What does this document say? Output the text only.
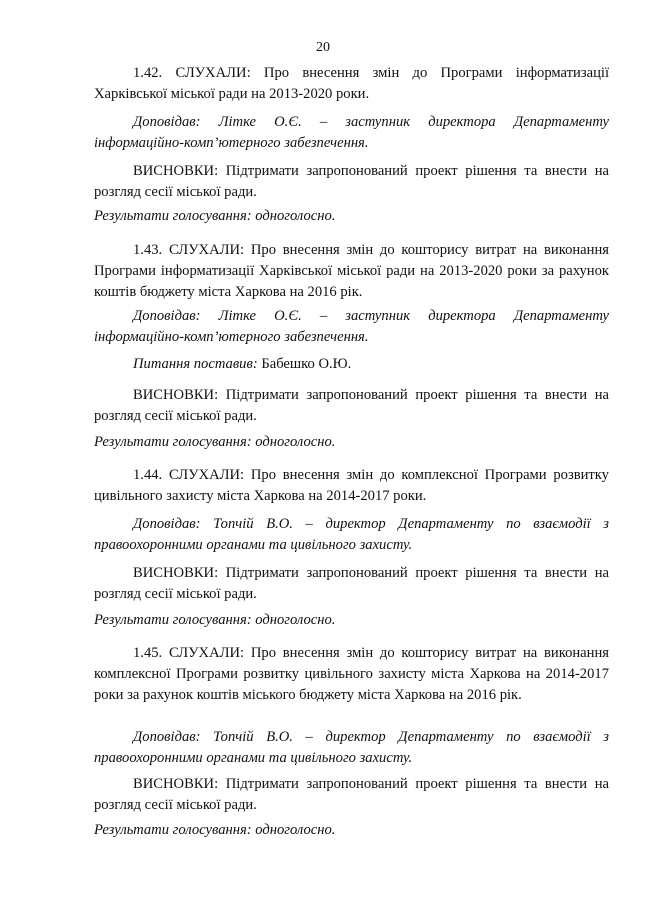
20

1.42. СЛУХАЛИ: Про внесення змін до Програми інформатизації Харківської міської ради на 2013-2020 роки.

Доповідав: Літке О.Є. – заступник директора Департаменту інформаційно-комп’ютерного забезпечення.

ВИСНОВКИ: Підтримати запропонований проект рішення та внести на розгляд сесії міської ради.

Результати голосування: одноголосно.

1.43. СЛУХАЛИ: Про внесення змін до кошторису витрат на виконання Програми інформатизації Харківської міської ради на 2013-2020 роки за рахунок коштів бюджету міста Харкова на 2016 рік.

Доповідав: Літке О.Є. – заступник директора Департаменту інформаційно-комп’ютерного забезпечення.

Питання поставив: Бабешко О.Ю.

ВИСНОВКИ: Підтримати запропонований проект рішення та внести на розгляд сесії міської ради.

Результати голосування: одноголосно.

1.44. СЛУХАЛИ: Про внесення змін до комплексної Програми розвитку цивільного захисту міста Харкова на 2014-2017 роки.

Доповідав: Топчій В.О. – директор Департаменту по взаємодії з правоохоронними органами та цивільного захисту.

ВИСНОВКИ: Підтримати запропонований проект рішення та внести на розгляд сесії міської ради.

Результати голосування: одноголосно.

1.45. СЛУХАЛИ: Про внесення змін до кошторису витрат на виконання комплексної Програми розвитку цивільного захисту міста Харкова на 2014-2017 роки за рахунок коштів міського бюджету міста Харкова на 2016 рік.

Доповідав: Топчій В.О. – директор Департаменту по взаємодії з правоохоронними органами та цивільного захисту.

ВИСНОВКИ: Підтримати запропонований проект рішення та внести на розгляд сесії міської ради.

Результати голосування: одноголосно.
